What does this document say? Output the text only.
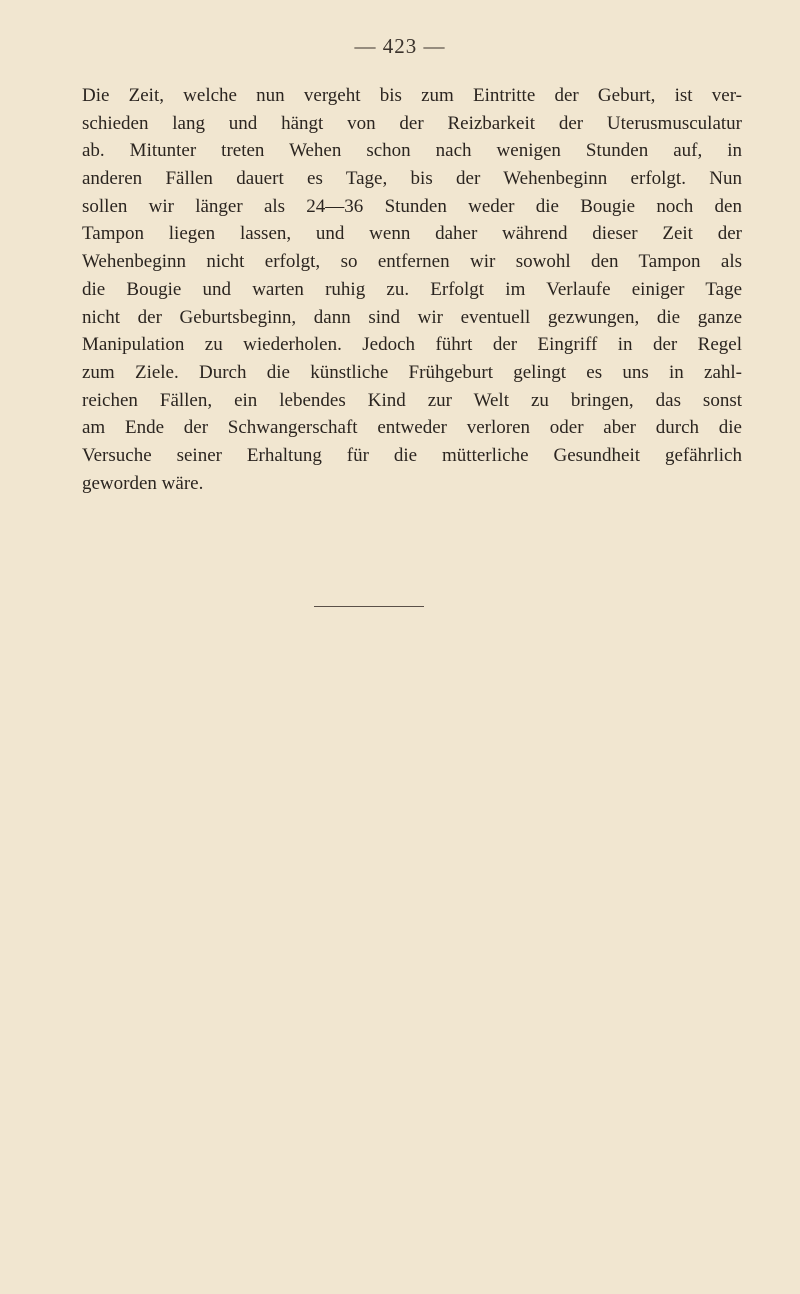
— 423 —
Die Zeit, welche nun vergeht bis zum Eintritte der Geburt, ist ver-
schieden lang und hängt von der Reizbarkeit der Uterusmusculatur
ab. Mitunter treten Wehen schon nach wenigen Stunden auf, in
anderen Fällen dauert es Tage, bis der Wehenbeginn erfolgt. Nun
sollen wir länger als 24—36 Stunden weder die Bougie noch den
Tampon liegen lassen, und wenn daher während dieser Zeit der
Wehenbeginn nicht erfolgt, so entfernen wir sowohl den Tampon als
die Bougie und warten ruhig zu. Erfolgt im Verlaufe einiger Tage
nicht der Geburtsbeginn, dann sind wir eventuell gezwungen, die ganze
Manipulation zu wiederholen. Jedoch führt der Eingriff in der Regel
zum Ziele. Durch die künstliche Frühgeburt gelingt es uns in zahl-
reichen Fällen, ein lebendes Kind zur Welt zu bringen, das sonst
am Ende der Schwangerschaft entweder verloren oder aber durch die
Versuche seiner Erhaltung für die mütterliche Gesundheit gefährlich
geworden wäre.
